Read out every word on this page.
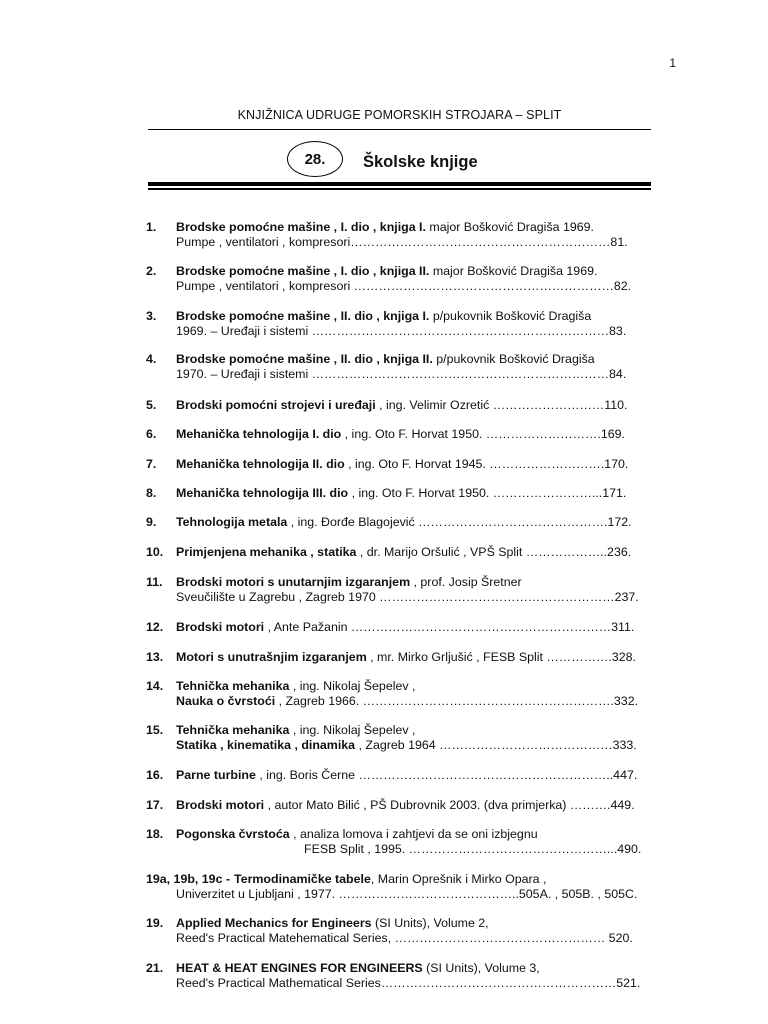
1
KNJIŽNICA UDRUGE POMORSKIH STROJARA – SPLIT
28. Školske knjige
1. Brodske pomoćne mašine , I. dio , knjiga I. major Bošković Dragiša 1969.
Pumpe , ventilatori , kompresori………………………………………………………81.
2. Brodske pomoćne mašine , I. dio , knjiga II. major Bošković Dragiša 1969.
Pumpe , ventilatori , kompresori ………………………………………………………82.
3. Brodske pomoćne mašine , II. dio , knjiga I. p/pukovnik Bošković Dragiša
1969. – Uređaji i sistemi ………………………………………………………………83.
4. Brodske pomoćne mašine , II. dio , knjiga II. p/pukovnik Bošković Dragiša
1970. – Uređaji i sistemi ………………………………………………………………84.
5. Brodski pomoćni strojevi i uređaji , ing. Velimir Ozretić ………………………110.
6. Mehanička tehnologija I. dio , ing. Oto F. Horvat 1950. ……………………….169.
7. Mehanička tehnologija II. dio , ing. Oto F. Horvat 1945. ……………………….170.
8. Mehanička tehnologija III. dio , ing. Oto F. Horvat 1950. ……………………...171.
9. Tehnologija metala , ing. Đorđe Blagojević ……………………………………….172.
10. Primjenjena mehanika , statika , dr. Marijo Oršulić , VPŠ Split ………………..236.
11. Brodski motori s unutarnjim izgaranjem , prof. Josip Šretner
Sveučilište u Zagrebu , Zagreb 1970 …………………………………………………237.
12. Brodski motori , Ante Pažanin ………………………………………………………311.
13. Motori s unutrašnjim izgaranjem , mr. Mirko Grljušić , FESB Split …………….328.
14. Tehnička mehanika , ing. Nikolaj Šepelev ,
Nauka o čvrstoći , Zagreb 1966. …………………………………………………….332.
15. Tehnička mehanika , ing. Nikolaj Šepelev ,
Statika , kinematika , dinamika , Zagreb 1964 ……………………………………333.
16. Parne turbine , ing. Boris Černe ……………………………………………………..447.
17. Brodski motori , autor Mato Bilić , PŠ Dubrovnik 2003. (dva primjerka) ……….449.
18. Pogonska čvrstoća , analiza lomova i zahtjevi da se oni izbjegnu
FESB Split , 1995. …………………………………………...490.
19a, 19b, 19c - Termodinamičke tabele, Marin Oprešnik i Mirko Opara ,
Univerzitet u Ljubljani , 1977. ……………………………………..505A. , 505B. , 505C.
19. Applied Mechanics for Engineers (SI Units), Volume 2,
Reed's Practical Matehematical Series, …………………………………………… 520.
21. HEAT & HEAT ENGINES FOR ENGINEERS (SI Units), Volume 3,
Reed's Practical Mathematical Series…………………………………………………521.
